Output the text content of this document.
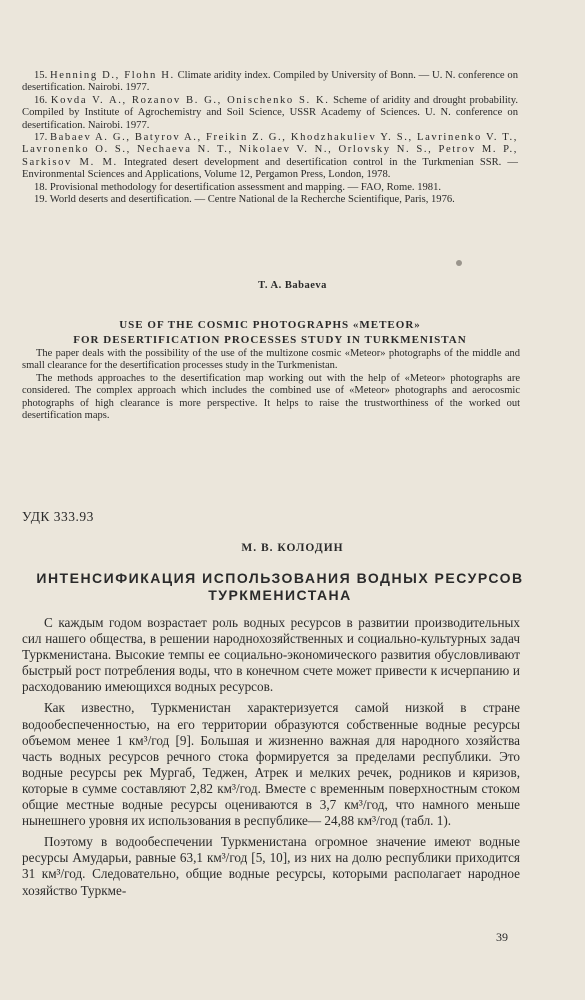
15. Henning D., Flohn H. Climate aridity index. Compiled by University of Bonn. — U. N. conference on desertification. Nairobi. 1977.

16. Kovda V. A., Rozanov B. G., Onischenko S. K. Scheme of aridity and drought probability. Compiled by Institute of Agrochemistry and Soil Science, USSR Academy of Sciences. U. N. conference on desertification. Nairobi. 1977.

17. Babaev A. G., Batyrov A., Freikin Z. G., Khodzhakuliev Y. S., Lavrinenko V. T., Lavronenko O. S., Nechaeva N. T., Nikolaev V. N., Orlovsky N. S., Petrov M. P., Sarkisov M. M. Integrated desert development and desertification control in the Turkmenian SSR. — Environmental Sciences and Applications, Volume 12, Pergamon Press, London, 1978.

18. Provisional methodology for desertification assessment and mapping. — FAO, Rome. 1981.

19. World deserts and desertification. — Centre National de la Recherche Scientifique, Paris, 1976.

T. A. Babaeva
USE OF THE COSMIC PHOTOGRAPHS «METEOR»
FOR DESERTIFICATION PROCESSES STUDY IN TURKMENISTAN

The paper deals with the possibility of the use of the multizone cosmic «Meteor» photographs of the middle and small clearance for the desertification processes study in the Turkmenistan.

The methods approaches to the desertification map working out with the help of «Meteor» photographs are considered. The complex approach which includes the combined use of «Meteor» photographs and aerocosmic photographs of high clearance is more perspective. It helps to raise the trustworthiness of the worked out desertification maps.

УДК 333.93
М. В. КОЛОДИН
ИНТЕНСИФИКАЦИЯ ИСПОЛЬЗОВАНИЯ ВОДНЫХ РЕСУРСОВ
ТУРКМЕНИСТАНА

С каждым годом возрастает роль водных ресурсов в развитии производительных сил нашего общества, в решении народнохозяйственных и социально-культурных задач Туркменистана. Высокие темпы ее социально-экономического развития обусловливают быстрый рост потребления воды, что в конечном счете может привести к исчерпанию и расходованию имеющихся водных ресурсов.

Как известно, Туркменистан характеризуется самой низкой в стране водообеспеченностью, на его территории образуются собственные водные ресурсы объемом менее 1 км³/год [9]. Большая и жизненно важная для народного хозяйства часть водных ресурсов речного стока формируется за пределами республики. Это водные ресурсы рек Мургаб, Теджен, Атрек и мелких речек, родников и кяризов, которые в сумме составляют 2,82 км³/год. Вместе с временным поверхностным стоком общие местные водные ресурсы оцениваются в 3,7 км³/год, что намного меньше нынешнего уровня их использования в республике— 24,88 км³/год (табл. 1).

Поэтому в водообеспечении Туркменистана огромное значение имеют водные ресурсы Амударьи, равные 63,1 км³/год [5, 10], из них на долю республики приходится 31 км³/год. Следовательно, общие водные ресурсы, которыми располагает народное хозяйство Туркме-

39
